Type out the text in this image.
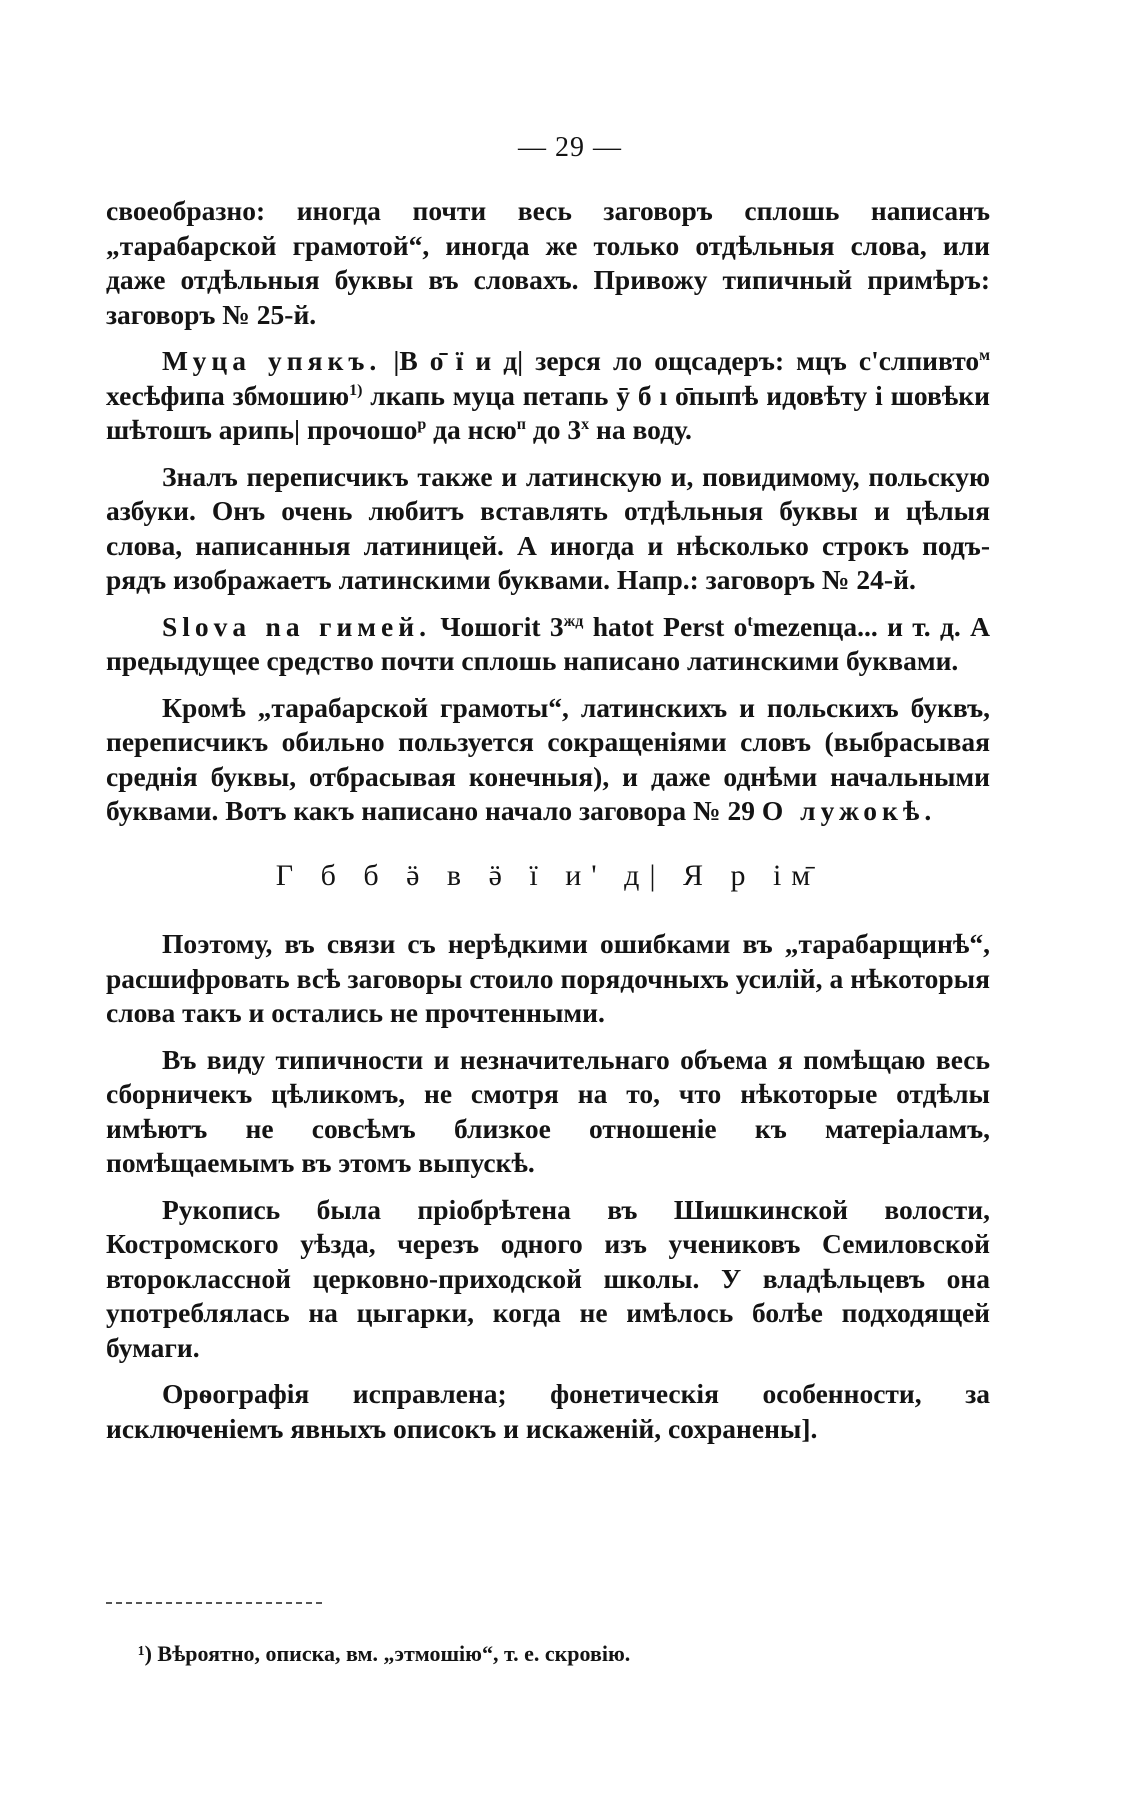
— 29 —

своеобразно: иногда почти весь заговоръ сплошь написанъ „тарабарской грамотой“, иногда же только отдѣльныя слова, или даже отдѣльныя буквы въ словахъ. Привожу типичный примѣръ: заговоръ № 25-й.

Муца упякъ. |В о̄ ї и д| зерся ло ощсадеръ: мцъ с'слпивто$^м$ хесѣфипа збмошию$^{1)}$ лкапь муца петапь ӯ б ı о̄пыпѣ идовѣту і шовѣки шѣтошъ арипь| прочошо$^р$ да нсю$^п$ до $3^х$ на воду.

Зналъ переписчикъ также и латинскую и, повидимому, польскую азбуки. Онъ очень любитъ вставлять отдѣльныя буквы и цѣлыя слова, написанныя латиницей. А иногда и нѣсколько строкъ подъ-рядъ изображаетъ латинскими буквами. Напр.: заговоръ № 24-й.

Slova na гимей. Чошогit $3^{жд}$ hatot Perst $o^tmezenцa$... и т. д. А предыдущее средство почти сплошь написано латинскими буквами.

Кромѣ „тарабарской грамоты“, латинскихъ и польскихъ буквъ, переписчикъ обильно пользуется сокращеніями словъ (выбрасывая среднія буквы, отбрасывая конечныя), и даже однѣми начальными буквами. Вотъ какъ написано начало заговора № 29 О лужокѣ.

Г б б ӛ в ӛ ї и' д| Я р ім̄

Поэтому, въ связи съ нерѣдкими ошибками въ „тарабарщинѣ“, расшифровать всѣ заговоры стоило порядочныхъ усилій, а нѣкоторыя слова такъ и остались не прочтенными.

Въ виду типичности и незначительнаго объема я помѣщаю весь сборничекъ цѣликомъ, не смотря на то, что нѣкоторые отдѣлы имѣютъ не совсѣмъ близкое отношеніе къ матеріаламъ, помѣщаемымъ въ этомъ выпускѣ.

Рукопись была пріобрѣтена въ Шишкинской волости, Костромского уѣзда, черезъ одного изъ учениковъ Семиловской второклассной церковно-приходской школы. У владѣльцевъ она употреблялась на цыгарки, когда не имѣлось болѣе подходящей бумаги.

Орѳографія исправлена; фонетическія особенности, за исключеніемъ явныхъ описокъ и искаженій, сохранены].

¹) Вѣроятно, описка, вм. „этмошію“, т. е. скровію.
